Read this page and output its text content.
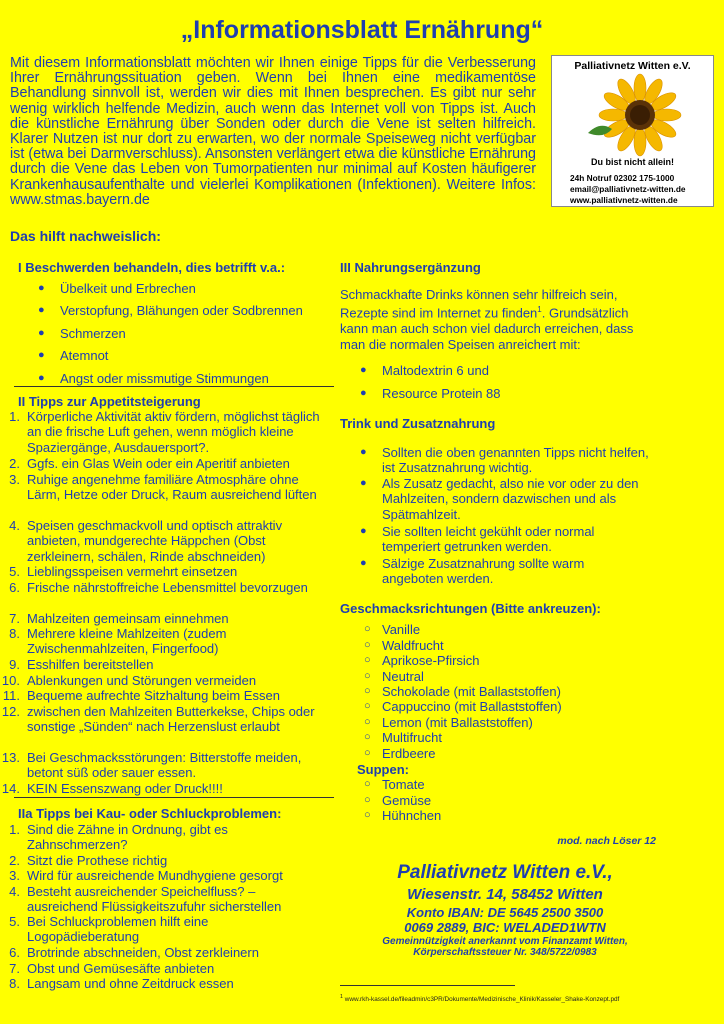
„Informationsblatt Ernährung“
Mit diesem Informationsblatt möchten wir Ihnen einige Tipps für die Verbesserung Ihrer Ernährungssituation geben. Wenn bei Ihnen eine medikamentöse Behandlung sinnvoll ist, werden wir dies mit Ihnen besprechen. Es gibt nur sehr wenig wirklich helfende Medizin, auch wenn das Internet voll von Tipps ist. Auch die künstliche Ernährung über Sonden oder durch die Vene ist selten hilfreich. Klarer Nutzen ist nur dort zu erwarten, wo der normale Speiseweg nicht verfügbar ist (etwa bei Darmverschluss). Ansonsten verlängert etwa die künstliche Ernährung durch die Vene das Leben von Tumorpatienten nur minimal auf Kosten häufigerer Krankenhausaufenthalte und vielerlei Komplikationen (Infektionen). Weitere Infos: www.stmas.bayern.de
Das hilft nachweislich:
Palliativnetz Witten e.V.
Du bist nicht allein!
24h Notruf 02302 175-1000
email@palliativnetz-witten.de
www.palliativnetz-witten.de
I Beschwerden behandeln, dies betrifft v.a.:
● Übelkeit und Erbrechen
● Verstopfung, Blähungen oder Sodbrennen
● Schmerzen
● Atemnot
● Angst oder missmutige Stimmungen
II Tipps zur Appetitsteigerung
1. Körperliche Aktivität aktiv fördern, möglichst täglich an die frische Luft gehen, wenn möglich kleine Spaziergänge, Ausdauersport?.
2. Ggfs. ein Glas Wein oder ein Aperitif anbieten
3. Ruhige angenehme familiäre Atmosphäre ohne Lärm, Hetze oder Druck, Raum ausreichend lüften
4. Speisen geschmackvoll und optisch attraktiv anbieten, mundgerechte Häppchen (Obst zerkleinern, schälen, Rinde abschneiden)
5. Lieblingsspeisen vermehrt einsetzen
6. Frische nährstoffreiche Lebensmittel bevorzugen
7. Mahlzeiten gemeinsam einnehmen
8. Mehrere kleine Mahlzeiten (zudem Zwischenmahlzeiten, Fingerfood)
9. Esshilfen bereitstellen
10. Ablenkungen und Störungen vermeiden
11. Bequeme aufrechte Sitzhaltung beim Essen
12. zwischen den Mahlzeiten Butterkekse, Chips oder sonstige „Sünden“ nach Herzenslust erlaubt
13. Bei Geschmacksstörungen: Bitterstoffe meiden, betont süß oder sauer essen.
14. KEIN Essenszwang oder Druck!!!!
IIa Tipps bei Kau- oder Schluckproblemen:
1. Sind die Zähne in Ordnung, gibt es Zahnschmerzen?
2. Sitzt die Prothese richtig
3. Wird für ausreichende Mundhygiene gesorgt
4. Besteht ausreichender Speichelfluss? – ausreichend Flüssigkeitszufuhr sicherstellen
5. Bei Schluckproblemen hilft eine Logopädieberatung
6. Brotrinde abschneiden, Obst zerkleinern
7. Obst und Gemüsesäfte anbieten
8. Langsam und ohne Zeitdruck essen
III Nahrungsergänzung
Schmackhafte Drinks können sehr hilfreich sein, Rezepte sind im Internet zu finden$^1$. Grundsätzlich kann man auch schon viel dadurch erreichen, dass man die normalen Speisen anreichert mit:
● Maltodextrin 6 und
● Resource Protein 88
Trink und Zusatznahrung
● Sollten die oben genannten Tipps nicht helfen, ist Zusatznahrung wichtig.
● Als Zusatz gedacht, also nie vor oder zu den Mahlzeiten, sondern dazwischen und als Spätmahlzeit.
● Sie sollten leicht gekühlt oder normal temperiert getrunken werden.
● Sälzige Zusatznahrung sollte warm angeboten werden.
Geschmacksrichtungen (Bitte ankreuzen):
○ Vanille
○ Waldfrucht
○ Aprikose-Pfirsich
○ Neutral
○ Schokolade (mit Ballaststoffen)
○ Cappuccino (mit Ballaststoffen)
○ Lemon (mit Ballaststoffen)
○ Multifrucht
○ Erdbeere
Suppen:
○ Tomate
○ Gemüse
○ Hühnchen
mod. nach Löser 12
Palliativnetz Witten e.V.,
Wiesenstr. 14, 58452 Witten
Konto IBAN: DE 5645 2500 3500
0069 2889, BIC: WELADED1WTN
Gemeinnützigkeit anerkannt vom Finanzamt Witten,
Körperschaftssteuer Nr. 348/5722/0983
$^1$ www.rkh-kassel.de/fileadmin/c3PR/Dokumente/Medizinische_Klinik/Kasseler_Shake-Konzept.pdf
